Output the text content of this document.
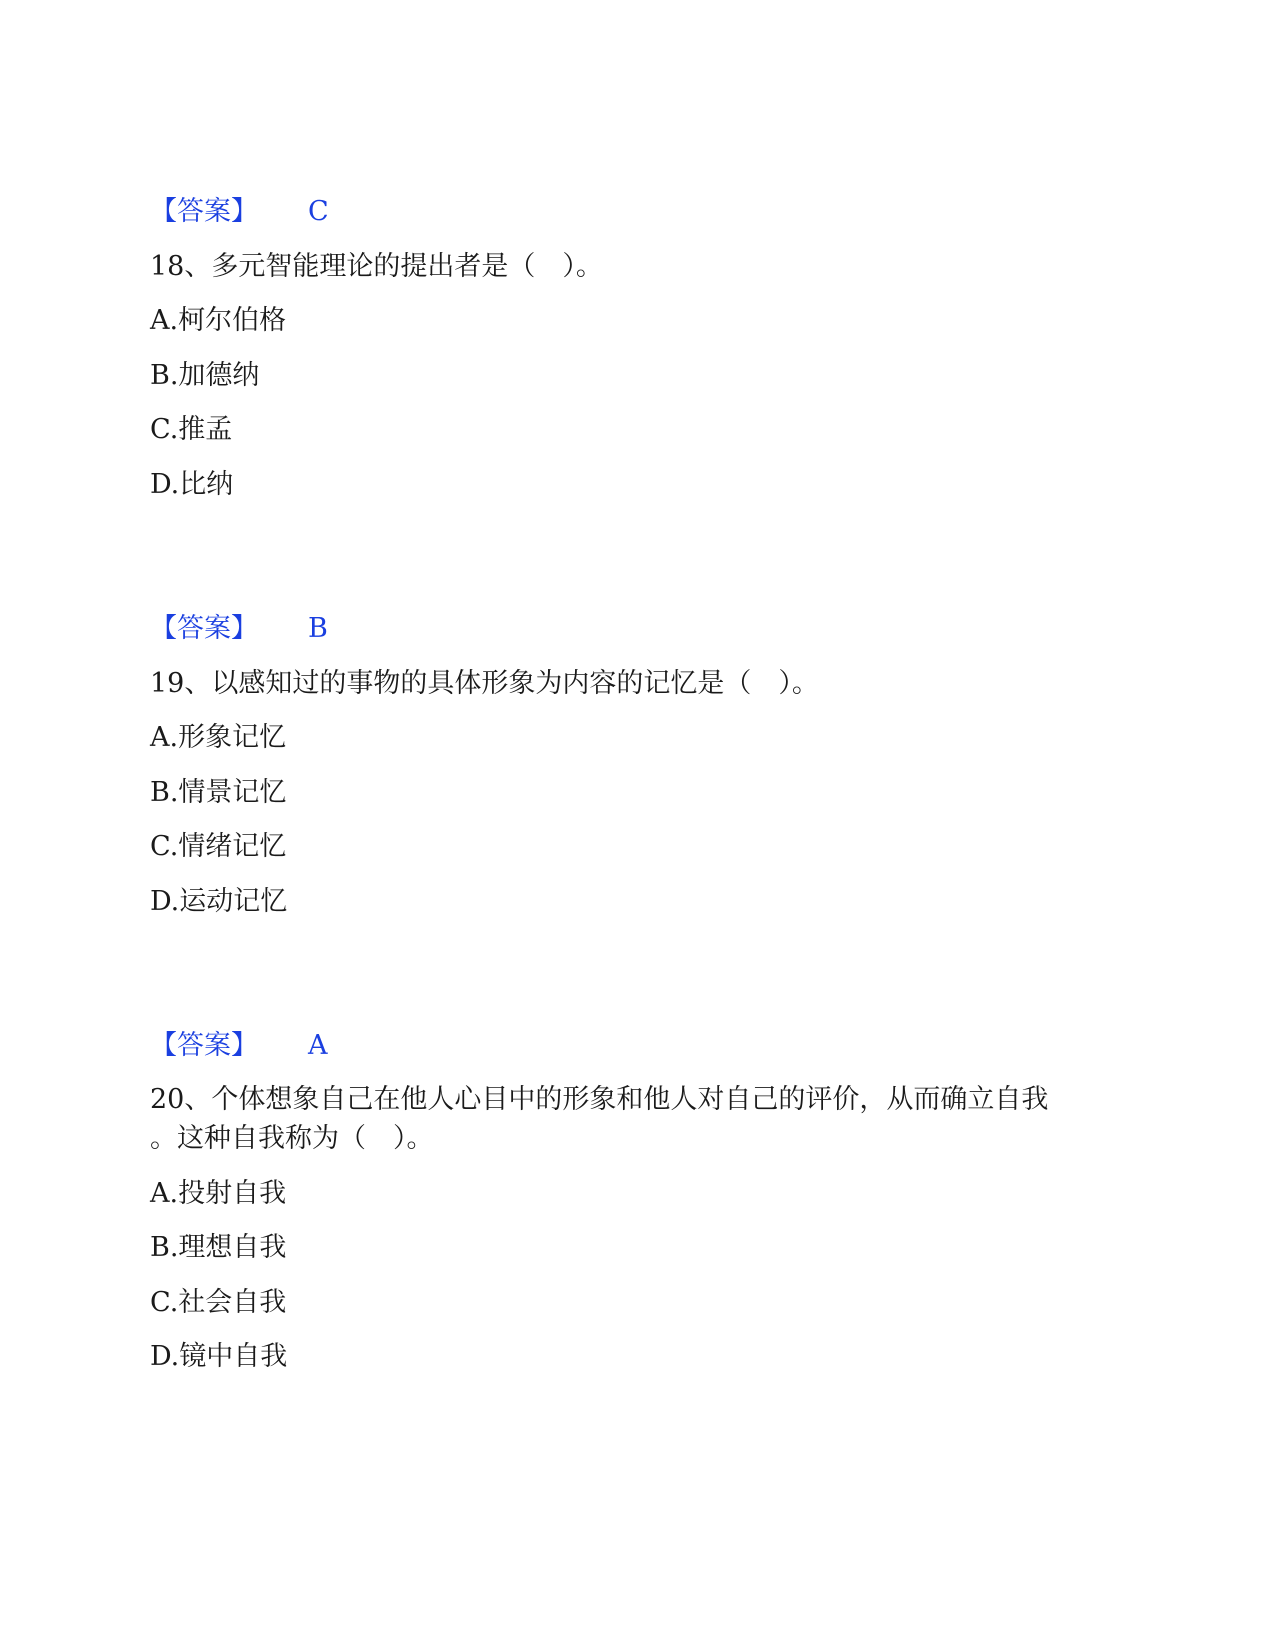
【答案】 C
18、多元智能理论的提出者是（　）。
A.柯尔伯格
B.加德纳
C.推孟
D.比纳
【答案】 B
19、以感知过的事物的具体形象为内容的记忆是（　）。
A.形象记忆
B.情景记忆
C.情绪记忆
D.运动记忆
【答案】 A
20、个体想象自己在他人心目中的形象和他人对自己的评价，从而确立自我
。这种自我称为（　）。
A.投射自我
B.理想自我
C.社会自我
D.镜中自我
